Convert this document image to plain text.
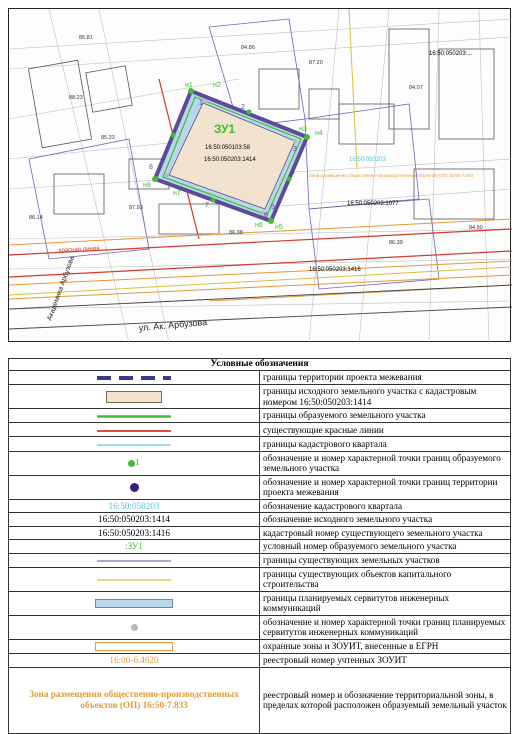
ЗУ1
16:50:050103:58
16:50:050203:1414
16:50:050203:1077
16:50:050203:1416
16:50:050203:...
16:50:050203
Зона размещения общественно-производственных объектов (ОП) 16:50-7.833
ул. Ак. Арбузова
Академика Арбузова
красная линия
н1	н2
н3
н4
н5
н6
н7
н8
1
2
3
4
5
6
7
8
85.81
84.86
87.20
85.33
86.14
84.07
87.93
86.38
86.39
84.90
88.23
Условные обозначения	
	границы территории проекта межевания
	границы исходного земельного участка с кадастровым номером 16:50:050203:1414
	границы образуемого земельного участка
	существующие красные линии
	границы кадастрового квартала
1	обозначение и номер характерной точки границ образуемого земельного участка
	обозначение и номер характерной точки границ территории проекта межевания
16:50:050203	обозначение кадастрового квартала
16:50:050203:1414	обозначение исходного земельного участка
16:50:050203:1416	кадастровый номер существующего земельного участка
:ЗУ1	условный номер образуемого земельного участка
	границы существующих земельных участков
	границы существующих объектов капитального строительства
	границы планируемых сервитутов инженерных коммуникаций
	обозначение и номер характерной точки границ планируемых сервитутов инженерных коммуникаций
	охранные зоны и ЗОУИТ, внесенные в ЕГРН
16:00-6.4620	реестровый номер учтенных ЗОУИТ
Зона размещения общественно-производственных объектов (ОП) 16:50-7.833	реестровый номер и обозначение территориальной зоны, в пределах которой расположен образуемый земельный участок
